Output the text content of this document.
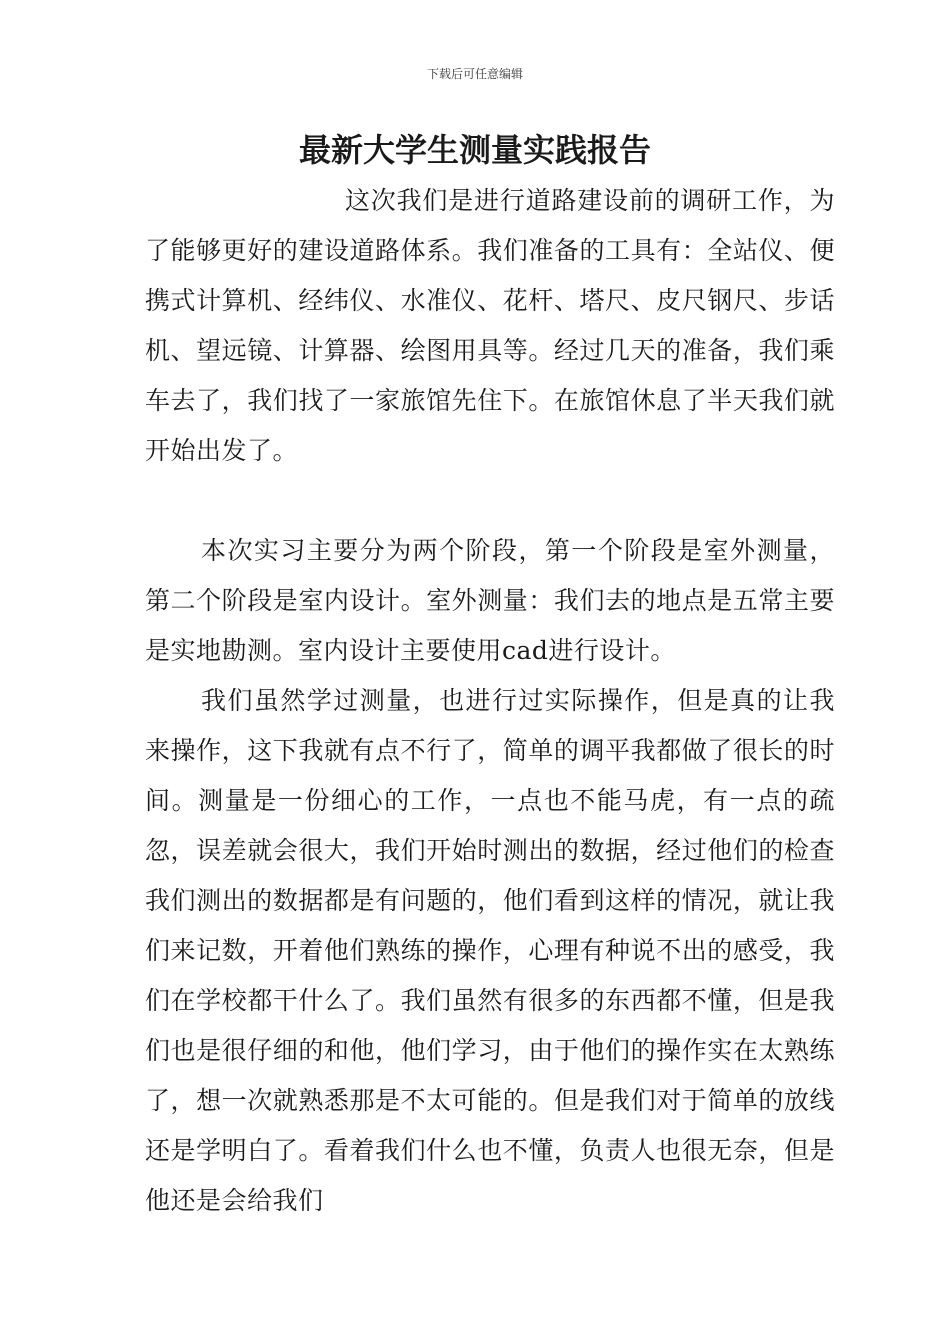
下载后可任意编辑
最新大学生测量实践报告

这次我们是进行道路建设前的调研工作，为了能够更好的建设道路体系。我们准备的工具有：全站仪、便携式计算机、经纬仪、水准仪、花杆、塔尺、皮尺钢尺、步话机、望远镜、计算器、绘图用具等。经过几天的准备，我们乘车去了，我们找了一家旅馆先住下。在旅馆休息了半天我们就开始出发了。

本次实习主要分为两个阶段，第一个阶段是室外测量，第二个阶段是室内设计。室外测量：我们去的地点是五常主要是实地勘测。室内设计主要使用cad进行设计。

我们虽然学过测量，也进行过实际操作，但是真的让我来操作，这下我就有点不行了，简单的调平我都做了很长的时间。测量是一份细心的工作，一点也不能马虎，有一点的疏忽，误差就会很大，我们开始时测出的数据，经过他们的检查我们测出的数据都是有问题的，他们看到这样的情况，就让我们来记数，开着他们熟练的操作，心理有种说不出的感受，我们在学校都干什么了。我们虽然有很多的东西都不懂，但是我们也是很仔细的和他，他们学习，由于他们的操作实在太熟练了，想一次就熟悉那是不太可能的。但是我们对于简单的放线还是学明白了。看着我们什么也不懂，负责人也很无奈，但是他还是会给我们
